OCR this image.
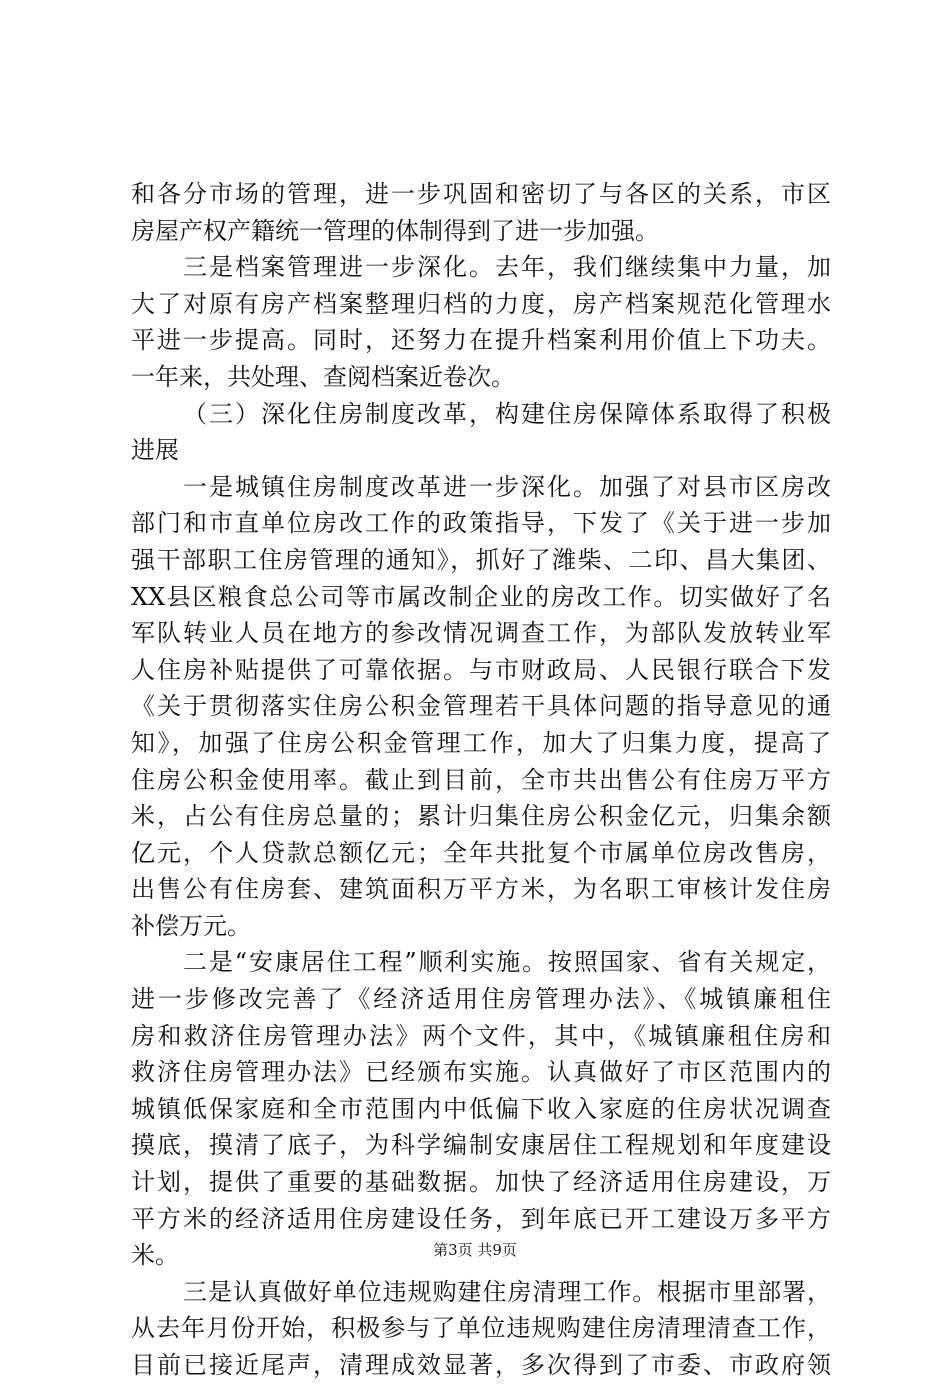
和各分市场的管理，进一步巩固和密切了与各区的关系，市区
房屋产权产籍统一管理的体制得到了进一步加强。
三是档案管理进一步深化。去年，我们继续集中力量，加
大了对原有房产档案整理归档的力度，房产档案规范化管理水
平进一步提高。同时，还努力在提升档案利用价值上下功夫。
一年来，共处理、查阅档案近卷次。
（三）深化住房制度改革，构建住房保障体系取得了积极
进展
一是城镇住房制度改革进一步深化。加强了对县市区房改
部门和市直单位房改工作的政策指导，下发了《关于进一步加
强干部职工住房管理的通知》，抓好了潍柴、二印、昌大集团、
XX县区粮食总公司等市属改制企业的房改工作。切实做好了名
军队转业人员在地方的参改情况调查工作，为部队发放转业军
人住房补贴提供了可靠依据。与市财政局、人民银行联合下发
《关于贯彻落实住房公积金管理若干具体问题的指导意见的通
知》，加强了住房公积金管理工作，加大了归集力度，提高了
住房公积金使用率。截止到目前，全市共出售公有住房万平方
米，占公有住房总量的；累计归集住房公积金亿元，归集余额
亿元，个人贷款总额亿元；全年共批复个市属单位房改售房，
出售公有住房套、建筑面积万平方米，为名职工审核计发住房
补偿万元。
二是“安康居住工程”顺利实施。按照国家、省有关规定，
进一步修改完善了《经济适用住房管理办法》、《城镇廉租住
房和救济住房管理办法》两个文件，其中，《城镇廉租住房和
救济住房管理办法》已经颁布实施。认真做好了市区范围内的
城镇低保家庭和全市范围内中低偏下收入家庭的住房状况调查
摸底，摸清了底子，为科学编制安康居住工程规划和年度建设
计划，提供了重要的基础数据。加快了经济适用住房建设，万
平方米的经济适用住房建设任务，到年底已开工建设万多平方
米。
三是认真做好单位违规购建住房清理工作。根据市里部署，
从去年月份开始，积极参与了单位违规购建住房清理清查工作，
目前已接近尾声，清理成效显著，多次得到了市委、市政府领
第3页 共9页
